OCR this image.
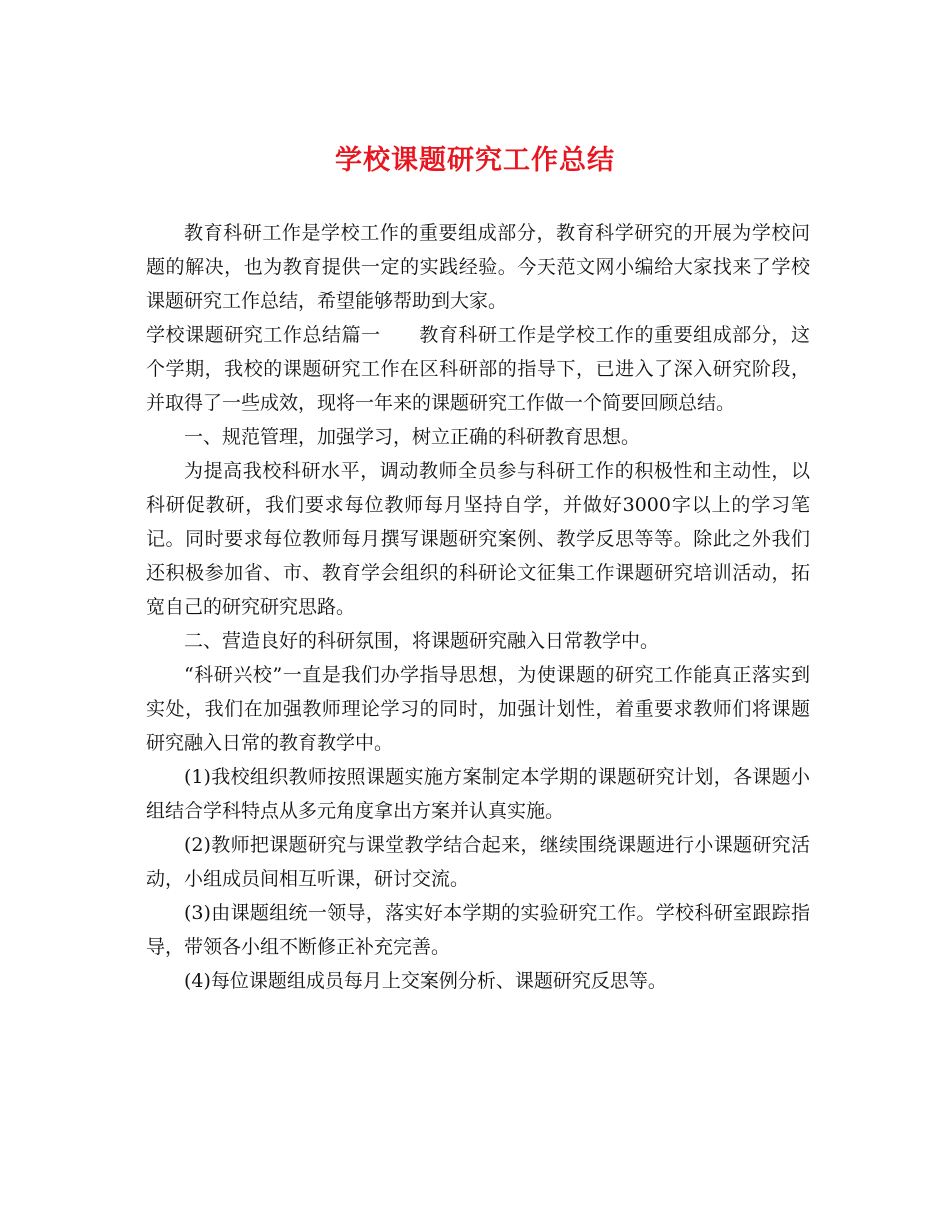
学校课题研究工作总结

教育科研工作是学校工作的重要组成部分，教育科学研究的开展为学校问题的解决，也为教育提供一定的实践经验。今天范文网小编给大家找来了学校课题研究工作总结，希望能够帮助到大家。

学校课题研究工作总结篇一 教育科研工作是学校工作的重要组成部分，这个学期，我校的课题研究工作在区科研部的指导下，已进入了深入研究阶段，并取得了一些成效，现将一年来的课题研究工作做一个简要回顾总结。

一、规范管理，加强学习，树立正确的科研教育思想。

为提高我校科研水平，调动教师全员参与科研工作的积极性和主动性，以科研促教研，我们要求每位教师每月坚持自学，并做好3000字以上的学习笔记。同时要求每位教师每月撰写课题研究案例、教学反思等等。除此之外我们还积极参加省、市、教育学会组织的科研论文征集工作课题研究培训活动，拓宽自己的研究研究思路。

二、营造良好的科研氛围，将课题研究融入日常教学中。

“科研兴校”一直是我们办学指导思想，为使课题的研究工作能真正落实到实处，我们在加强教师理论学习的同时，加强计划性，着重要求教师们将课题研究融入日常的教育教学中。

(1)我校组织教师按照课题实施方案制定本学期的课题研究计划，各课题小组结合学科特点从多元角度拿出方案并认真实施。

(2)教师把课题研究与课堂教学结合起来，继续围绕课题进行小课题研究活动，小组成员间相互听课，研讨交流。

(3)由课题组统一领导，落实好本学期的实验研究工作。学校科研室跟踪指导，带领各小组不断修正补充完善。

(4)每位课题组成员每月上交案例分析、课题研究反思等。
